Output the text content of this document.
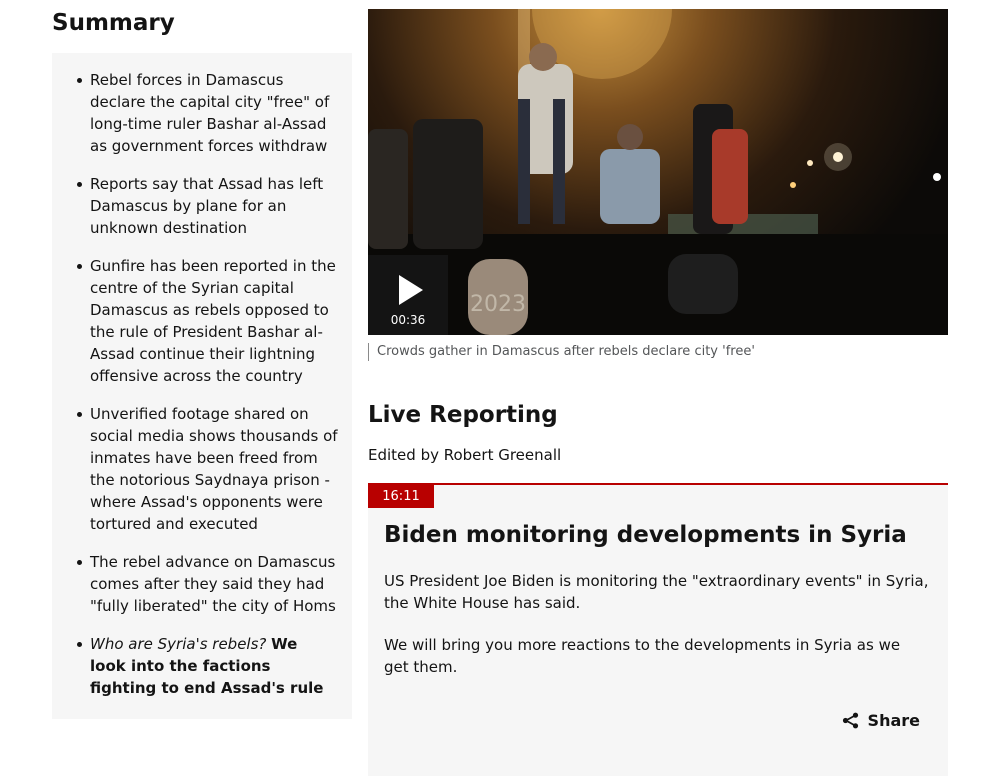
Summary
Rebel forces in Damascus declare the capital city "free" of long-time ruler Bashar al-Assad as government forces withdraw
Reports say that Assad has left Damascus by plane for an unknown destination
Gunfire has been reported in the centre of the Syrian capital Damascus as rebels opposed to the rule of President Bashar al-Assad continue their lightning offensive across the country
Unverified footage shared on social media shows thousands of inmates have been freed from the notorious Saydnaya prison - where Assad's opponents were tortured and executed
The rebel advance on Damascus comes after they said they had "fully liberated" the city of Homs
Who are Syria's rebels? We look into the factions fighting to end Assad's rule
2023
00:36
Crowds gather in Damascus after rebels declare city 'free'
Live Reporting
Edited by Robert Greenall
16:11
Biden monitoring developments in Syria

US President Joe Biden is monitoring the "extraordinary events" in Syria, the White House has said.

We will bring you more reactions to the developments in Syria as we get them.

Share
